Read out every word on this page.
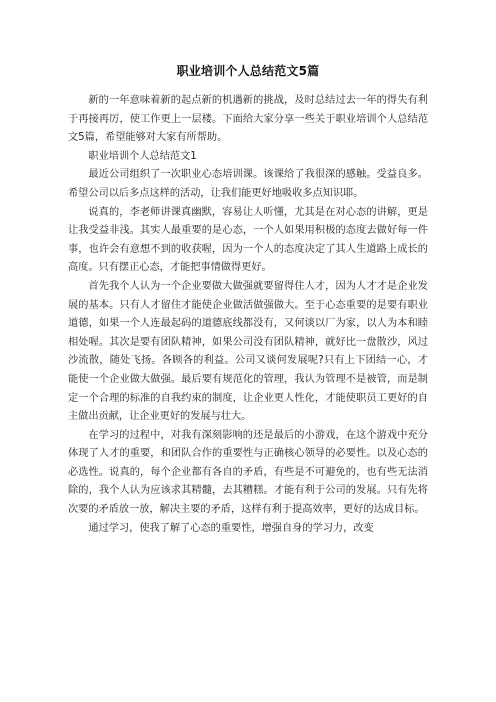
职业培训个人总结范文5篇

新的一年意味着新的起点新的机遇新的挑战，及时总结过去一年的得失有利于再接再厉，使工作更上一层楼。下面给大家分享一些关于职业培训个人总结范文5篇，希望能够对大家有所帮助。

职业培训个人总结范文1

最近公司组织了一次职业心态培训课。该课给了我很深的感触。受益良多。希望公司以后多点这样的活动，让我们能更好地吸收多点知识耶。

说真的，李老师讲课真幽默，容易让人听懂，尤其是在对心态的讲解，更是让我受益非浅。其实人最重要的是心态，一个人如果用积极的态度去做好每一件事，也许会有意想不到的收获喔，因为一个人的态度决定了其人生道路上成长的高度。只有摆正心态，才能把事情做得更好。

首先我个人认为一个企业要做大做强就要留得住人才，因为人才才是企业发展的基本。只有人才留住才能使企业做活做强做大。至于心态重要的是要有职业道德，如果一个人连最起码的道德底线都没有，又何谈以厂为家，以人为本和睦相处喔。其次是要有团队精神，如果公司没有团队精神，就好比一盘散沙，风过沙流散，随处飞扬。各顾各的利益。公司又谈何发展呢?只有上下团结一心，才能使一个企业做大做强。最后要有规范化的管理，我认为管理不是被管，而是制定一个合理的标准的自我约束的制度，让企业更人性化，才能使职员工更好的自主做出贡献，让企业更好的发展与壮大。

在学习的过程中，对我有深刻影响的还是最后的小游戏，在这个游戏中充分体现了人才的重要，和团队合作的重要性与正确核心领导的必要性。以及心态的必选性。说真的，每个企业都有各自的矛盾，有些是不可避免的，也有些无法消除的，我个人认为应该求其精髓，去其糟糕。才能有利于公司的发展。只有先将次要的矛盾放一放，解决主要的矛盾，这样有利于提高效率，更好的达成目标。

通过学习，使我了解了心态的重要性，增强自身的学习力，改变
